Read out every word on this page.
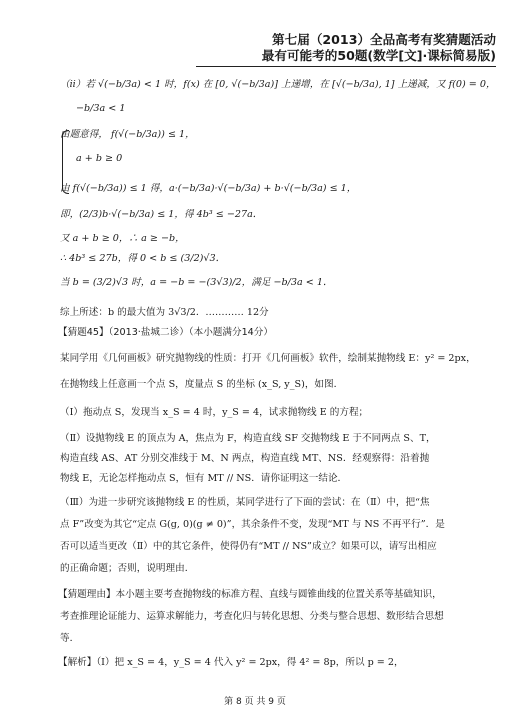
第七届（2013）全品高考有奖猜题活动
最有可能考的50题(数学[文]·课标简易版)
（ii）若 √(−b/3a) < 1 时，f(x) 在 [0, √(−b/3a)] 上递增，在 [√(−b/3a), 1] 上递减，又 f(0) = 0，
−b/3a < 1
由题意得， f(√(−b/3a)) ≤ 1，
a + b ≥ 0
由 f(√(−b/3a)) ≤ 1 得，a·(−b/3a)·√(−b/3a) + b·√(−b/3a) ≤ 1，
即，(2/3)b·√(−b/3a) ≤ 1，得 4b³ ≤ −27a．
又 a + b ≥ 0，∴ a ≥ −b，
∴ 4b³ ≤ 27b，得 0 < b ≤ (3/2)√3．
当 b = (3/2)√3 时，a = −b = −(3√3)/2，满足 −b/3a < 1．
综上所述：b 的最大值为 3√3/2．………… 12分
【猜题45】（2013·盐城二诊）（本小题满分14分）
某同学用《几何画板》研究抛物线的性质：打开《几何画板》软件，绘制某抛物线 E：y² = 2px，
在抛物线上任意画一个点 S，度量点 S 的坐标 (x_S, y_S)，如图．
（Ⅰ）拖动点 S，发现当 x_S = 4 时，y_S = 4，试求抛物线 E 的方程；
（Ⅱ）设抛物线 E 的顶点为 A，焦点为 F，构造直线 SF 交抛物线 E 于不同两点 S、T，
构造直线 AS、AT 分别交准线于 M、N 两点，构造直线 MT、NS．经观察得：沿着抛
物线 E，无论怎样拖动点 S，恒有 MT // NS．请你证明这一结论．
（Ⅲ）为进一步研究该抛物线 E 的性质，某同学进行了下面的尝试：在（Ⅱ）中，把“焦
点 F”改变为其它“定点 G(g, 0)(g ≠ 0)”，其余条件不变，发现“MT 与 NS 不再平行”．是
否可以适当更改（Ⅱ）中的其它条件，使得仍有“MT // NS”成立？如果可以，请写出相应
的正确命题；否则，说明理由．
【猜题理由】本小题主要考查抛物线的标准方程、直线与圆锥曲线的位置关系等基础知识，
考查推理论证能力、运算求解能力，考查化归与转化思想、分类与整合思想、数形结合思想
等．
【解析】（Ⅰ）把 x_S = 4，y_S = 4 代入 y² = 2px，得 4² = 8p，所以 p = 2，
第 8 页 共 9 页
